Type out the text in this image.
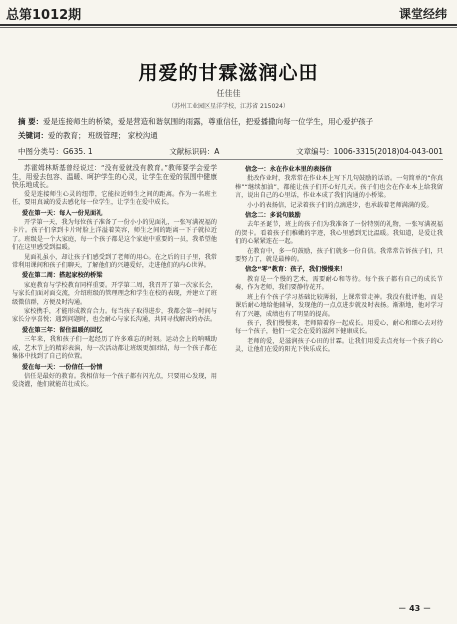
总第1012期	课堂经纬
用爱的甘霖滋润心田
任佳佳
（苏州工业园区星洋学校，江苏省 215024）
摘 要：爱是连接师生的桥梁，爱是营造和谐氛围的雨露，尊重信任，把爱播撒向每一位学生，用心爱护孩子
关键词：爱的教育； 班级管理； 家校沟通
中图分类号：G635. 1	文献标识码：A	文章编号：1006-3315(2018)04-043-001

苏霍姆林斯基曾经说过：“没有爱就没有教育。”教师要学会爱学生，用爱去包容、温暖、呵护学生的心灵，让学生在爱的氛围中健康快乐地成长。

爱是连接师生心灵的纽带，它能拉近师生之间的距离。作为一名班主任，要用真诚的爱去感化每一位学生，让学生在爱中成长。

爱在第一天：每人一份见面礼

开学第一天，我为每位孩子准备了一份小小的见面礼，一张写满祝福的卡片。孩子们拿到卡片时脸上洋溢着笑容，师生之间的距离一下子就拉近了。班级是一个大家庭，每一个孩子都是这个家庭中重要的一员，我希望他们在这里感受到温暖。

见面礼虽小，却让孩子们感受到了老师的用心。在之后的日子里，我常常利用课间和孩子们聊天，了解他们的兴趣爱好，走进他们的内心世界。

爱在第二周：搭起家校的桥梁

家庭教育与学校教育同样重要。开学第二周，我召开了第一次家长会，与家长们面对面交流，介绍班级的管理理念和学生在校的表现，并建立了班级微信群，方便及时沟通。

家校携手，才能形成教育合力。每当孩子取得进步，我都会第一时间与家长分享喜悦；遇到问题时，也会耐心与家长沟通，共同寻找解决的办法。

爱在第三年：留住温暖的回忆

三年来，我和孩子们一起经历了许多难忘的时刻。运动会上的呐喊助威，艺术节上的精彩表演，每一次活动都让班级更加团结，每一个孩子都在集体中找到了自己的位置。

爱在每一天：一份信任一份情

信任是最好的教育。我相信每一个孩子都有闪光点，只要用心发现，用爱浇灌，他们就能茁壮成长。

信念一：永在作业本里的表扬信

批改作业时，我常常在作业本上写下几句鼓励的话语。一句简单的“你真棒”“继续加油”，都能让孩子们开心好几天。孩子们也会在作业本上给我留言，说出自己的心里话，作业本成了我们沟通的小桥梁。

小小的表扬信，记录着孩子们的点滴进步，也承载着老师满满的爱。

信念二：多说句鼓励

去年圣诞节，班上的孩子们为我准备了一份特别的礼物，一张写满祝福的贺卡。看着孩子们稚嫩的字迹，我心里感到无比温暖。我知道，是爱让我们的心紧紧连在一起。

在教育中，多一句鼓励，孩子们就多一份自信。我常常告诉孩子们，只要努力了，就是最棒的。

信念“零”教育：孩子，我们慢慢来！

教育是一个慢的艺术，需要耐心和等待。每个孩子都有自己的成长节奏，作为老师，我们要静待花开。

班上有个孩子学习基础比较薄弱，上课常常走神。我没有批评他，而是课后耐心地给他辅导，发现他的一点点进步就及时表扬。渐渐地，他对学习有了兴趣，成绩也有了明显的提高。

孩子，我们慢慢来，老师陪着你一起成长。用爱心、耐心和细心去对待每一个孩子，他们一定会在爱的滋润下健康成长。

老师的爱，是滋润孩子心田的甘霖。让我们用爱去点亮每一个孩子的心灵，让他们在爱的阳光下快乐成长。

－ 43 －
